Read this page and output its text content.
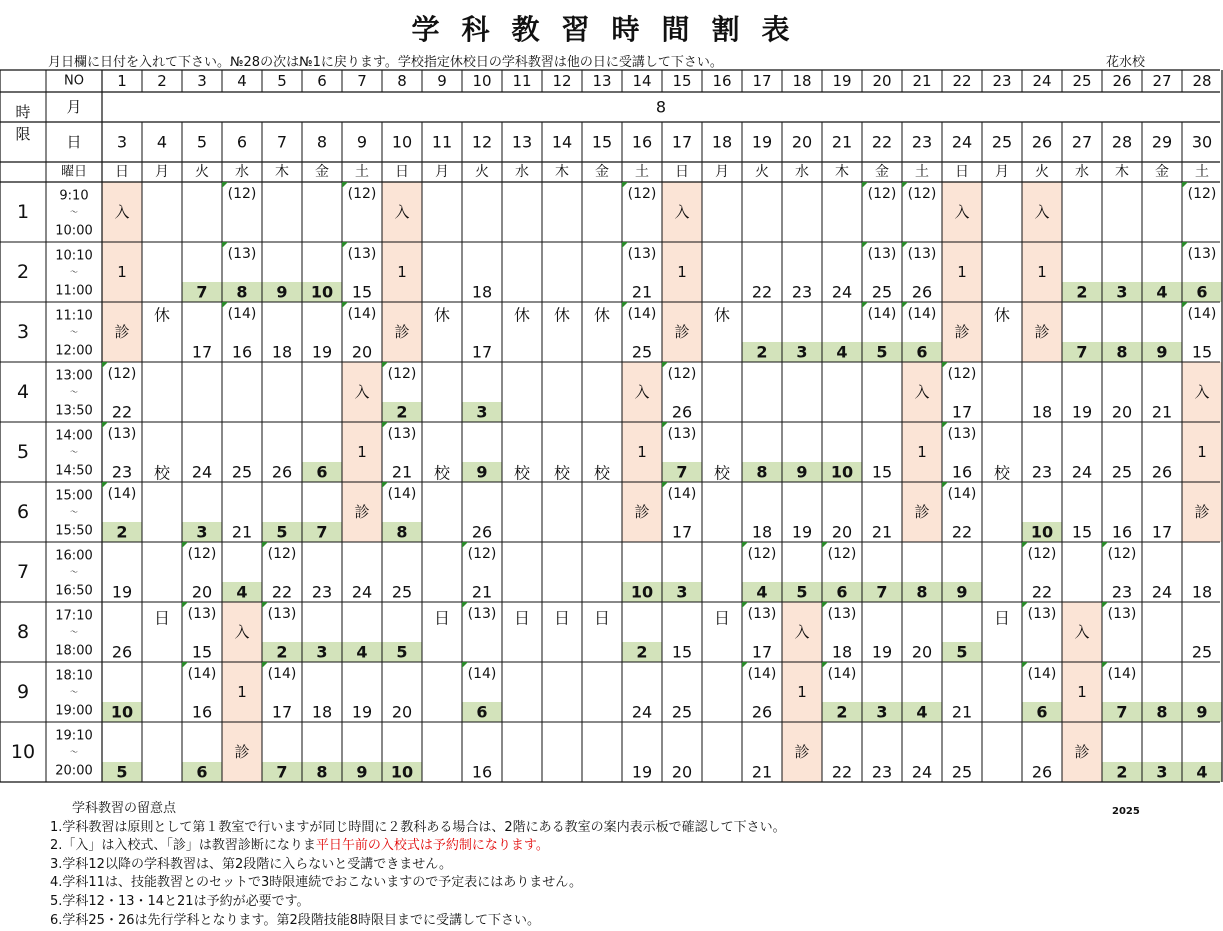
学科教習時間割表
月日欄に日付を入れて下さい。№28の次は№1に戻ります。学校指定休校日の学科教習は他の日に受講して下さい。	花水校
NO
月
日
曜日
時
限
1 2 3 4 5 6 7 8 9 10 11 12 13 14 15 16 17 18 19 20 21 22 23 24 25 26 27 28
8
3 4 5 6 7 8 9 10 11 12 13 14 15 16 17 18 19 20 21 22 23 24 25 26 27 28 29 30
日 月 火 水 木 金 土 日 月 火 水 木 金 土 日 月 火 水 木 金 土 日 月 火 水 木 金 土
1
9:10
～
10:00
2
10:10
～
11:00
3
11:10
～
12:00
4
13:00
～
13:50
5
14:00
～
14:50
6
15:00
～
15:50
7
16:00
～
16:50
8
17:10
～
18:00
9
18:10
～
19:00
10
19:10
～
20:00
入
1
診
(12)
22
(13)
23
(14)
2
19
26
10
5
休
校
日
7
17
24
3
(12)
20
(13)
15
(14)
16
6
(12)
(13)
8
(14)
16
25
21
4
入
1
診
9
18
26
5
(12)
22
(13)
2
(14)
17
7
10
19
6
7
23
3
18
8
(12)
(13)
15
(14)
20
入
1
診
24
4
19
9
入
1
診
(12)
2
(13)
21
(14)
8
25
5
20
10
休
校
日
18
17
3
9
26
(12)
21
(13)
(14)
6
16
休
校
日
休
校
日
休
校
日
(12)
(13)
21
(14)
25
入
1
診
10
2
24
19
入
1
診
(12)
26
(13)
7
(14)
17
3
15
25
20
休
校
日
22
2
8
18
(12)
4
(13)
17
(14)
26
21
23
3
9
19
5
入
1
診
24
4
10
20
(12)
6
(13)
18
(14)
2
22
(12)
(13)
25
(14)
5
15
21
7
19
3
23
(12)
(13)
26
(14)
6
入
1
診
8
20
4
24
入
1
診
(12)
17
(13)
16
(14)
22
9
5
21
25
休
校
日
入
1
診
18
23
10
(12)
22
(13)
(14)
6
26
2
7
19
24
15
入
1
診
3
8
20
25
16
(12)
23
(13)
(14)
7
2
4
9
21
26
17
24
8
3
(12)
(13)
6
(14)
15
入
1
診
18
25
9
4
学科教習の留意点
1.学科教習は原則として第１教室で行いますが同じ時間に２教科ある場合は、2階にある教室の案内表示板で確認して下さい。
2.「入」は入校式、「診」は教習診断になりま平日午前の入校式は予約制になります。
3.学科12以降の学科教習は、第2段階に入らないと受講できません。
4.学科11は、技能教習とのセットで3時限連続でおこないますので予定表にはありません。
5.学科12・13・14と21は予約が必要です。
6.学科25・26は先行学科となります。第2段階技能8時限目までに受講して下さい。
2025
